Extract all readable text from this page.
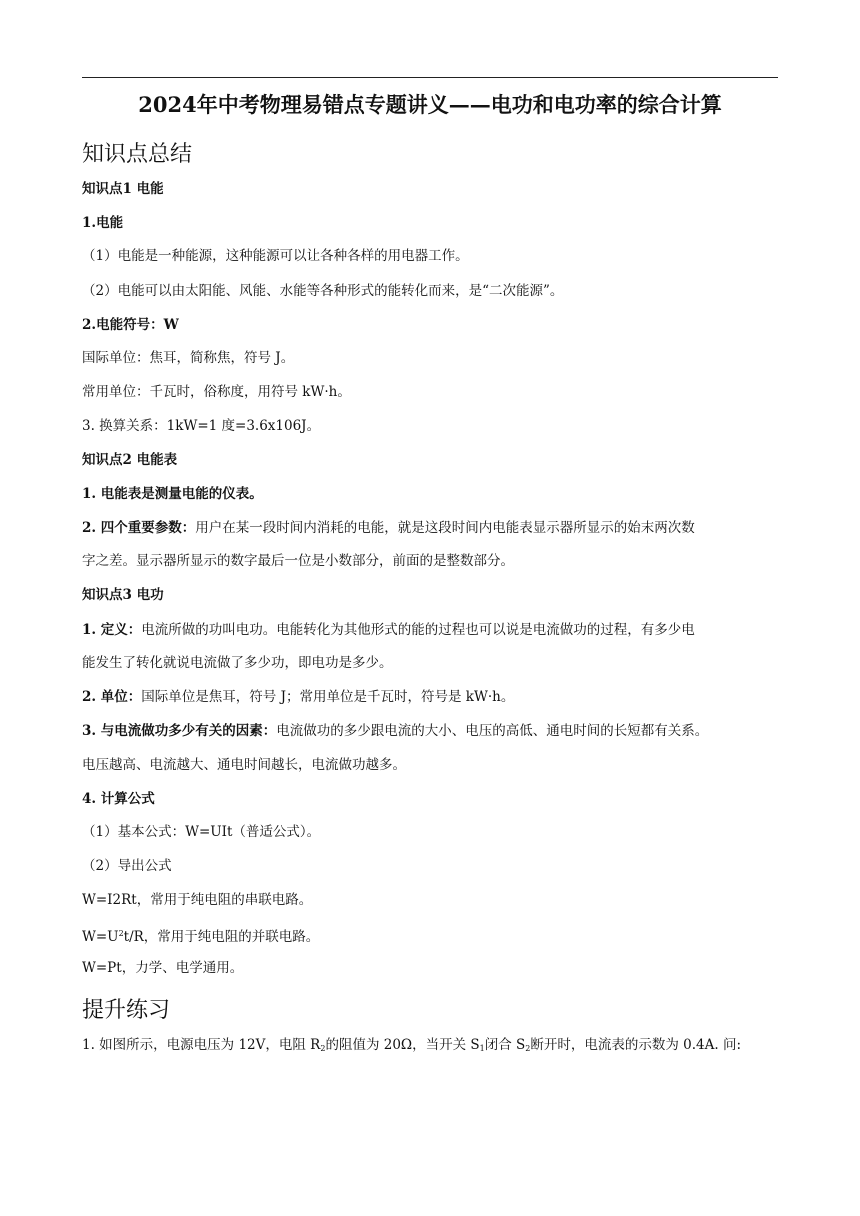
2024年中考物理易错点专题讲义——电功和电功率的综合计算
知识点总结
知识点1 电能
1.电能
（1）电能是一种能源，这种能源可以让各种各样的用电器工作。
（2）电能可以由太阳能、风能、水能等各种形式的能转化而来，是“二次能源”。
2.电能符号：W
国际单位：焦耳，简称焦，符号 J。
常用单位：千瓦时，俗称度，用符号 kW·h。
3. 换算关系：1kW=1 度=3.6x106J。
知识点2 电能表
1. 电能表是测量电能的仪表。
2. 四个重要参数：用户在某一段时间内消耗的电能，就是这段时间内电能表显示器所显示的始末两次数
字之差。显示器所显示的数字最后一位是小数部分，前面的是整数部分。
知识点3 电功
1. 定义：电流所做的功叫电功。电能转化为其他形式的能的过程也可以说是电流做功的过程，有多少电
能发生了转化就说电流做了多少功，即电功是多少。
2. 单位：国际单位是焦耳，符号 J；常用单位是千瓦时，符号是 kW·h。
3. 与电流做功多少有关的因素：电流做功的多少跟电流的大小、电压的高低、通电时间的长短都有关系。
电压越高、电流越大、通电时间越长，电流做功越多。
4. 计算公式
（1）基本公式：W=UIt（普适公式）。
（2）导出公式
W=I2Rt，常用于纯电阻的串联电路。
$W=U^2t/R$，常用于纯电阻的并联电路。
W=Pt，力学、电学通用。
提升练习
1. 如图所示，电源电压为 12V，电阻 $R_2$的阻值为 20Ω，当开关 $S_1$闭合 $S_2$断开时，电流表的示数为 0.4A. 问:
